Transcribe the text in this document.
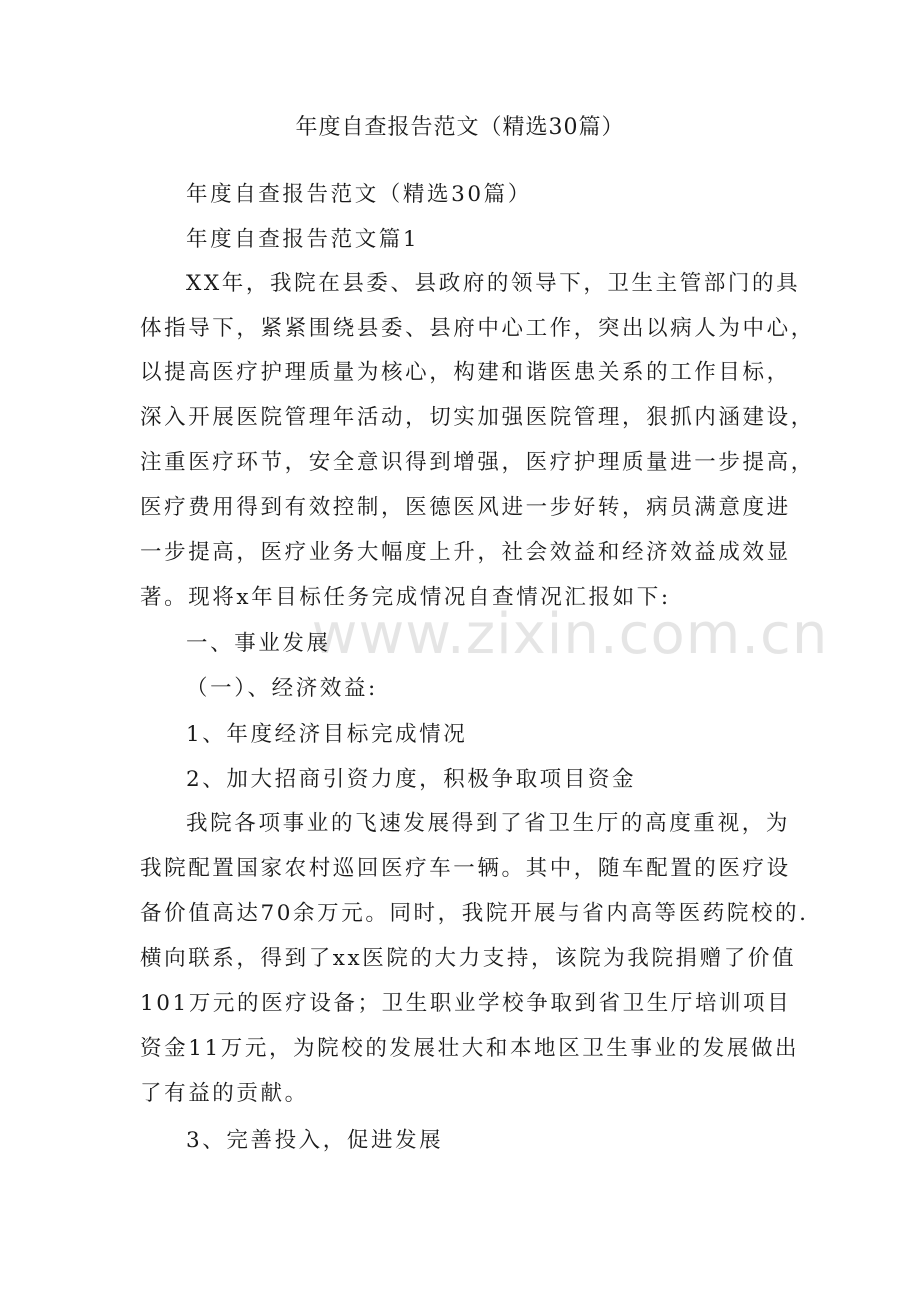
年度自查报告范文（精选30篇）
年度自查报告范文（精选30篇）
年度自查报告范文篇1
XX年，我院在县委、县政府的领导下，卫生主管部门的具
体指导下，紧紧围绕县委、县府中心工作，突出以病人为中心，
以提高医疗护理质量为核心，构建和谐医患关系的工作目标，
深入开展医院管理年活动，切实加强医院管理，狠抓内涵建设，
注重医疗环节，安全意识得到增强，医疗护理质量进一步提高，
医疗费用得到有效控制，医德医风进一步好转，病员满意度进
一步提高，医疗业务大幅度上升，社会效益和经济效益成效显
著。现将x年目标任务完成情况自查情况汇报如下:
一、事业发展
（一）、经济效益:
1、年度经济目标完成情况
2、加大招商引资力度，积极争取项目资金
我院各项事业的飞速发展得到了省卫生厅的高度重视，为
我院配置国家农村巡回医疗车一辆。其中，随车配置的医疗设
备价值高达70余万元。同时，我院开展与省内高等医药院校的.
横向联系，得到了xx医院的大力支持，该院为我院捐赠了价值
101万元的医疗设备；卫生职业学校争取到省卫生厅培训项目
资金11万元，为院校的发展壮大和本地区卫生事业的发展做出
了有益的贡献。
3、完善投入，促进发展
www.zixin.com.cn
